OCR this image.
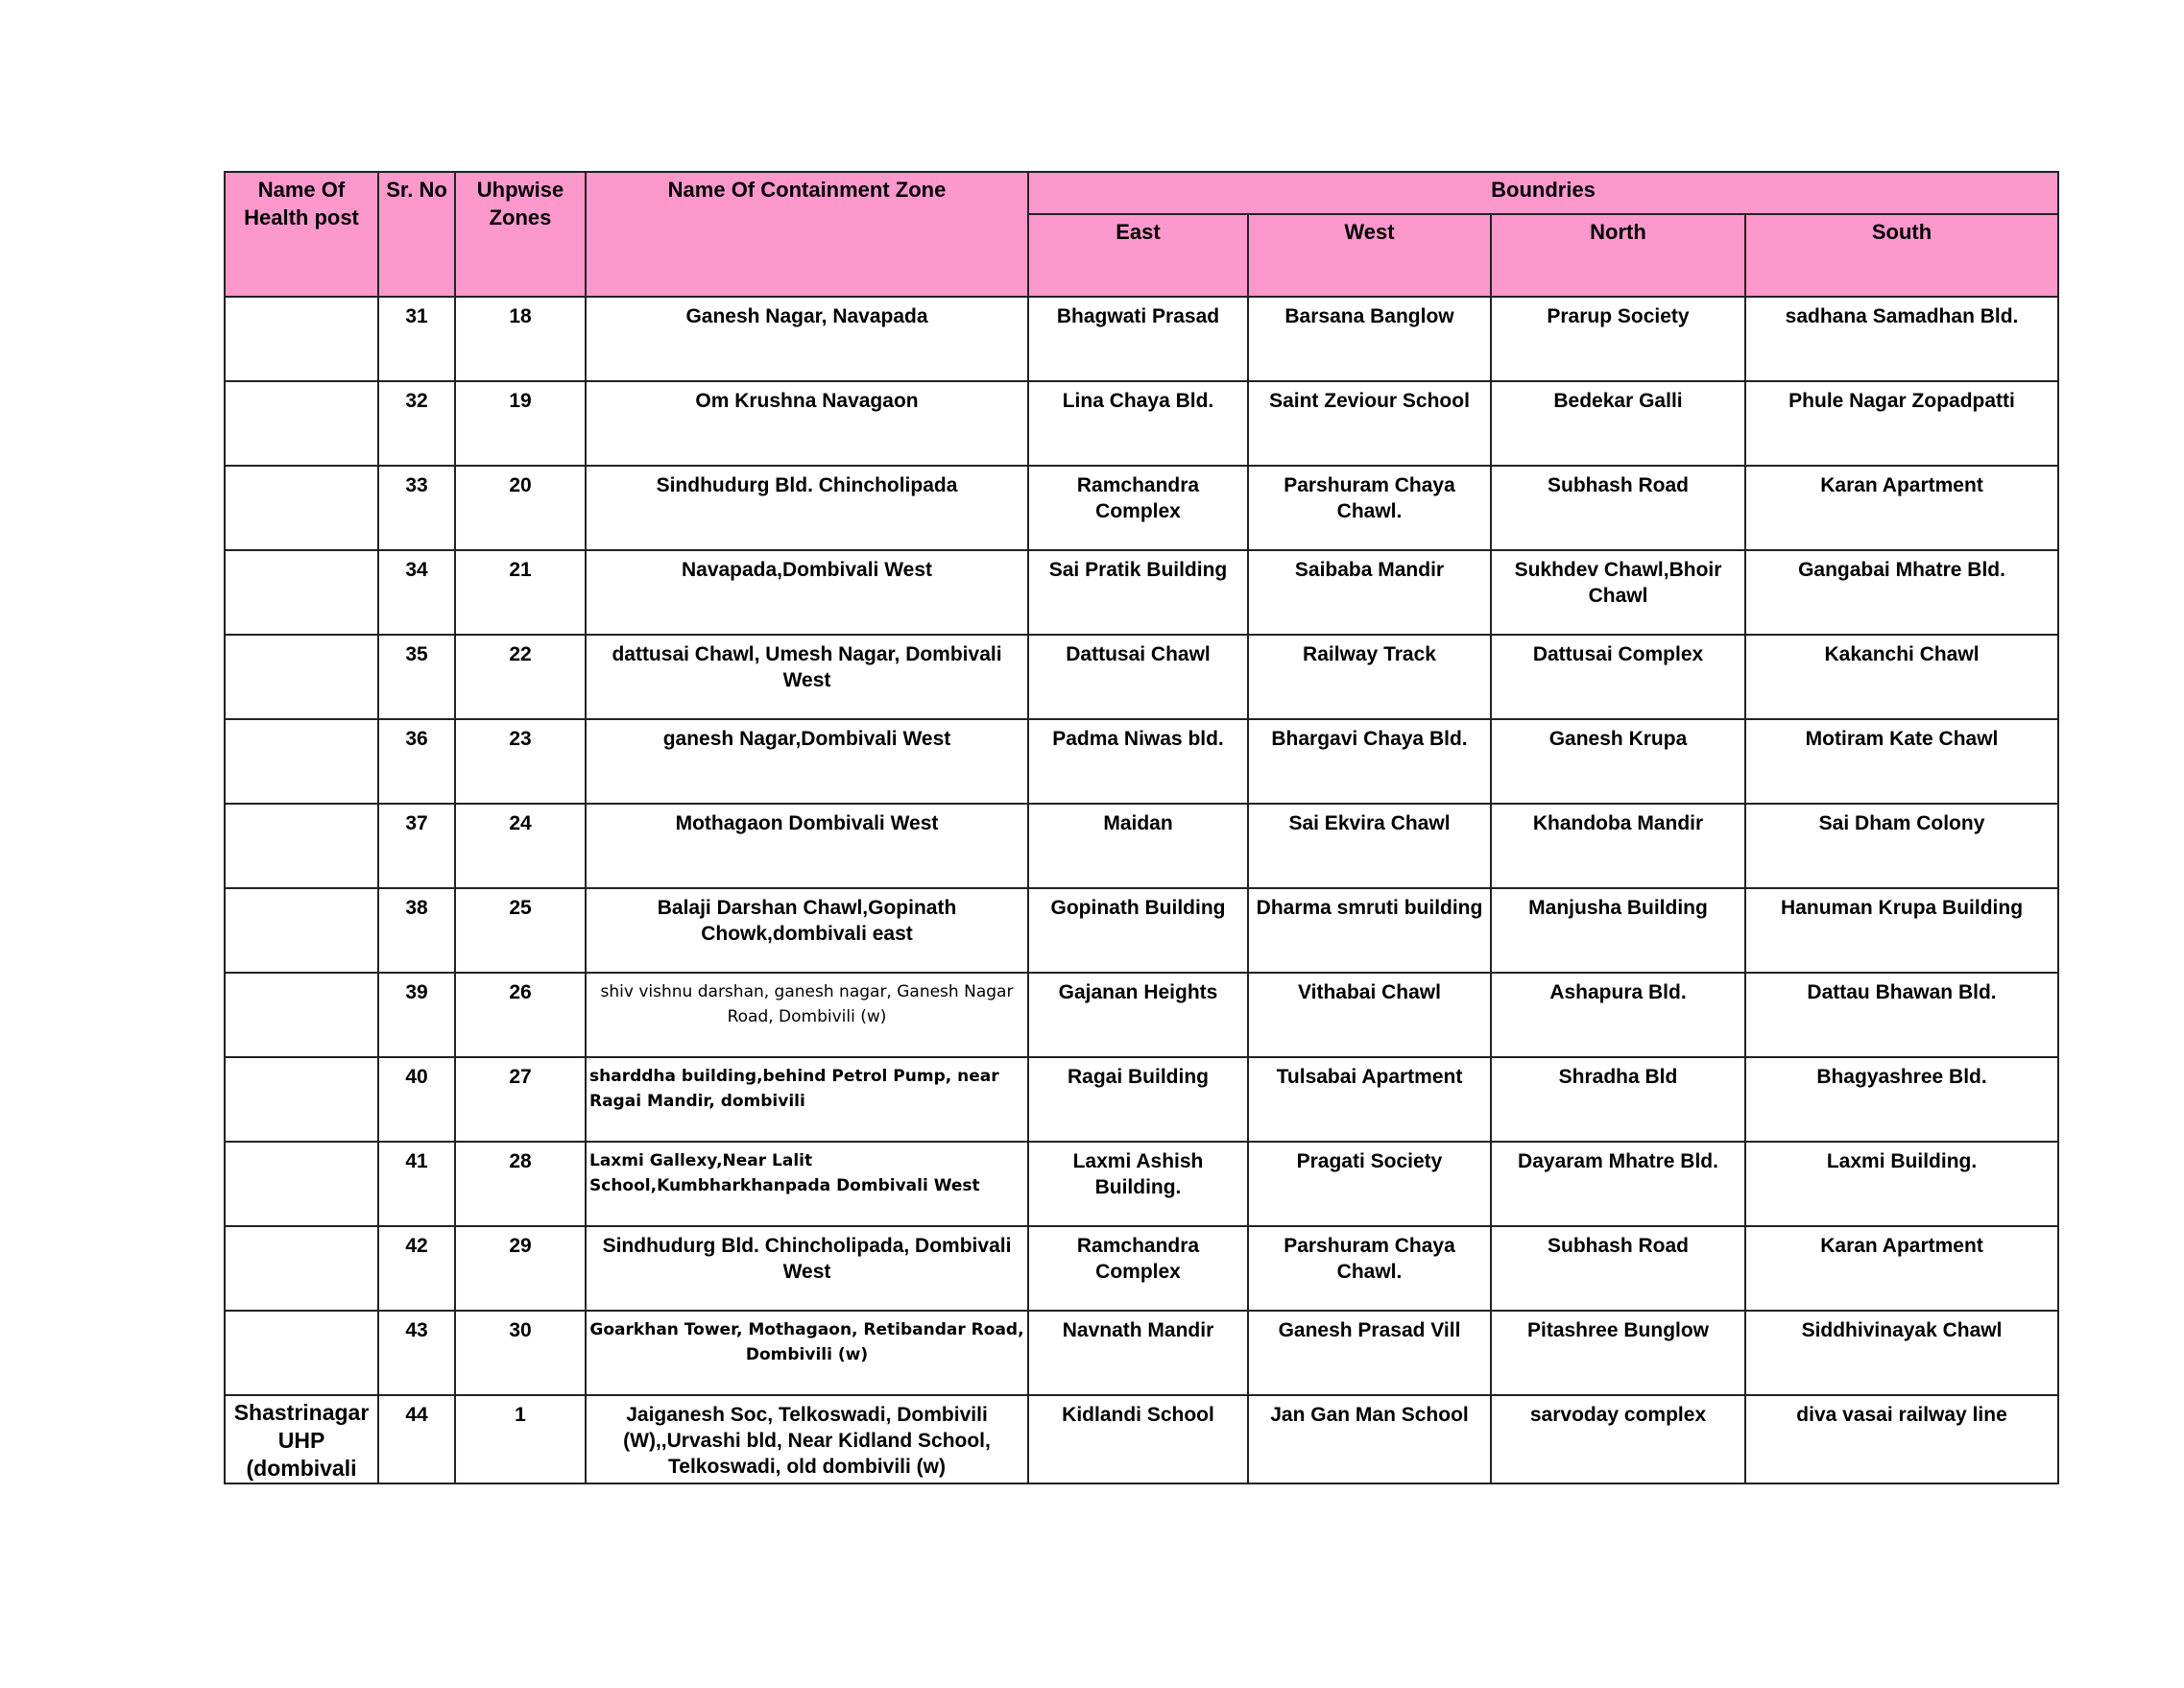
Name Of Health post	Sr. No	Uhpwise Zones	Name Of Containment Zone	Boundries			
				East	West	North	South
	31	18	Ganesh Nagar, Navapada	Bhagwati Prasad	Barsana Banglow	Prarup Society	sadhana Samadhan Bld.
	32	19	Om Krushna Navagaon	Lina Chaya Bld.	Saint Zeviour School	Bedekar Galli	Phule Nagar Zopadpatti
	33	20	Sindhudurg Bld. Chincholipada	Ramchandra Complex	Parshuram Chaya Chawl.	Subhash Road	Karan Apartment
	34	21	Navapada,Dombivali West	Sai Pratik Building	Saibaba Mandir	Sukhdev Chawl,Bhoir Chawl	Gangabai Mhatre Bld.
	35	22	dattusai Chawl, Umesh Nagar, Dombivali West	Dattusai Chawl	Railway Track	Dattusai Complex	Kakanchi Chawl
	36	23	ganesh Nagar,Dombivali West	Padma Niwas bld.	Bhargavi Chaya Bld.	Ganesh Krupa	Motiram Kate Chawl
	37	24	Mothagaon Dombivali West	Maidan	Sai Ekvira Chawl	Khandoba Mandir	Sai Dham Colony
	38	25	Balaji Darshan Chawl,Gopinath Chowk,dombivali east	Gopinath Building	Dharma smruti building	Manjusha Building	Hanuman Krupa Building
	39	26	shiv vishnu darshan, ganesh nagar, Ganesh Nagar Road, Dombivili (w)	Gajanan Heights	Vithabai Chawl	Ashapura Bld.	Dattau Bhawan Bld.
	40	27	sharddha building,behind Petrol Pump, near Ragai Mandir, dombivili	Ragai Building	Tulsabai Apartment	Shradha Bld	Bhagyashree Bld.
	41	28	Laxmi Gallexy,Near Lalit School,Kumbharkhanpada Dombivali West	Laxmi Ashish Building.	Pragati Society	Dayaram Mhatre Bld.	Laxmi Building.
	42	29	Sindhudurg Bld. Chincholipada, Dombivali West	Ramchandra Complex	Parshuram Chaya Chawl.	Subhash Road	Karan Apartment
	43	30	Goarkhan Tower, Mothagaon, Retibandar Road, Dombivili (w)	Navnath Mandir	Ganesh Prasad Vill	Pitashree Bunglow	Siddhivinayak Chawl
Shastrinagar UHP (dombivali	44	1	Jaiganesh Soc, Telkoswadi, Dombivili (W),,Urvashi bld, Near Kidland School, Telkoswadi, old dombivili (w)	Kidlandi School	Jan Gan Man School	sarvoday complex	diva vasai railway line
